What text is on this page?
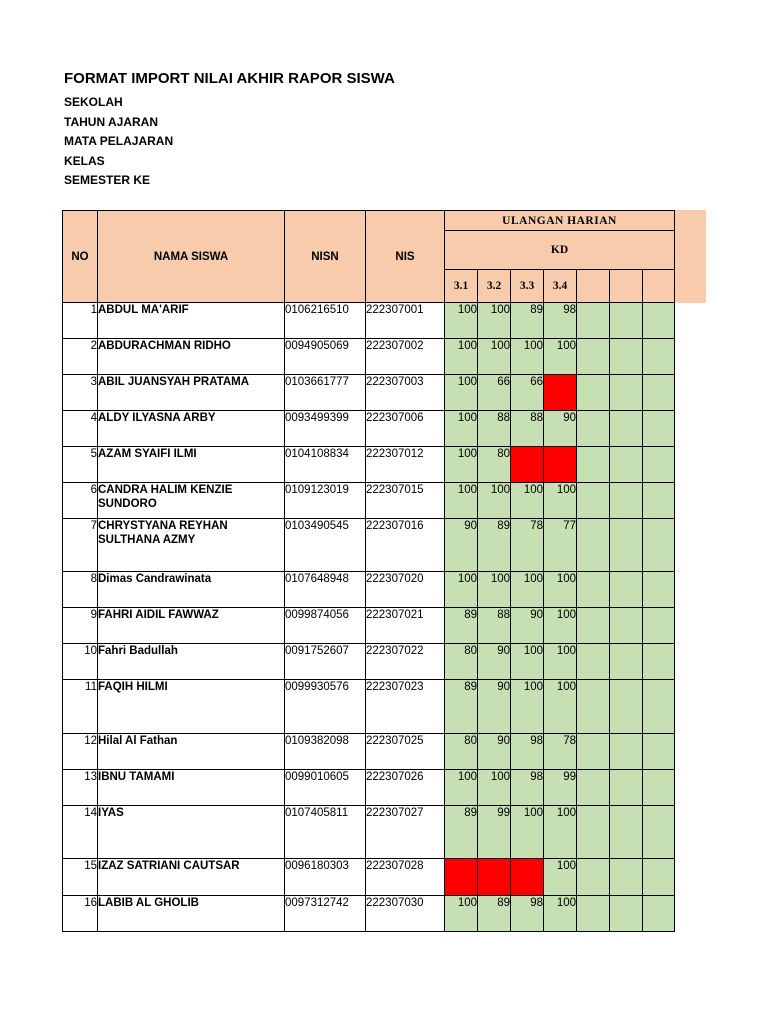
FORMAT IMPORT NILAI AKHIR RAPOR SISWA
SEKOLAH
TAHUN AJARAN
MATA PELAJARAN
KELAS
SEMESTER KE
NO	NAMA SISWA	NISN	NIS	ULANGAN HARIAN						
				KD						
				3.1	3.2	3.3	3.4			
1	ABDUL MA'ARIF	0106216510	222307001	100	100	89	98			
2	ABDURACHMAN RIDHO	0094905069	222307002	100	100	100	100			
3	ABIL JUANSYAH PRATAMA	0103661777	222307003	100	66	66				
4	ALDY ILYASNA ARBY	0093499399	222307006	100	88	88	90			
5	AZAM SYAIFI ILMI	0104108834	222307012	100	80					
6	CANDRA HALIM KENZIE SUNDORO	0109123019	222307015	100	100	100	100			
7	CHRYSTYANA REYHAN SULTHANA AZMY	0103490545	222307016	90	89	78	77			
8	Dimas Candrawinata	0107648948	222307020	100	100	100	100			
9	FAHRI AIDIL FAWWAZ	0099874056	222307021	89	88	90	100			
10	Fahri Badullah	0091752607	222307022	80	90	100	100			
11	FAQIH HILMI	0099930576	222307023	89	90	100	100			
12	Hilal Al Fathan	0109382098	222307025	80	90	98	78			
13	IBNU TAMAMI	0099010605	222307026	100	100	98	99			
14	IYAS	0107405811	222307027	89	99	100	100			
15	IZAZ SATRIANI CAUTSAR	0096180303	222307028				100			
16	LABIB AL GHOLIB	0097312742	222307030	100	89	98	100			
